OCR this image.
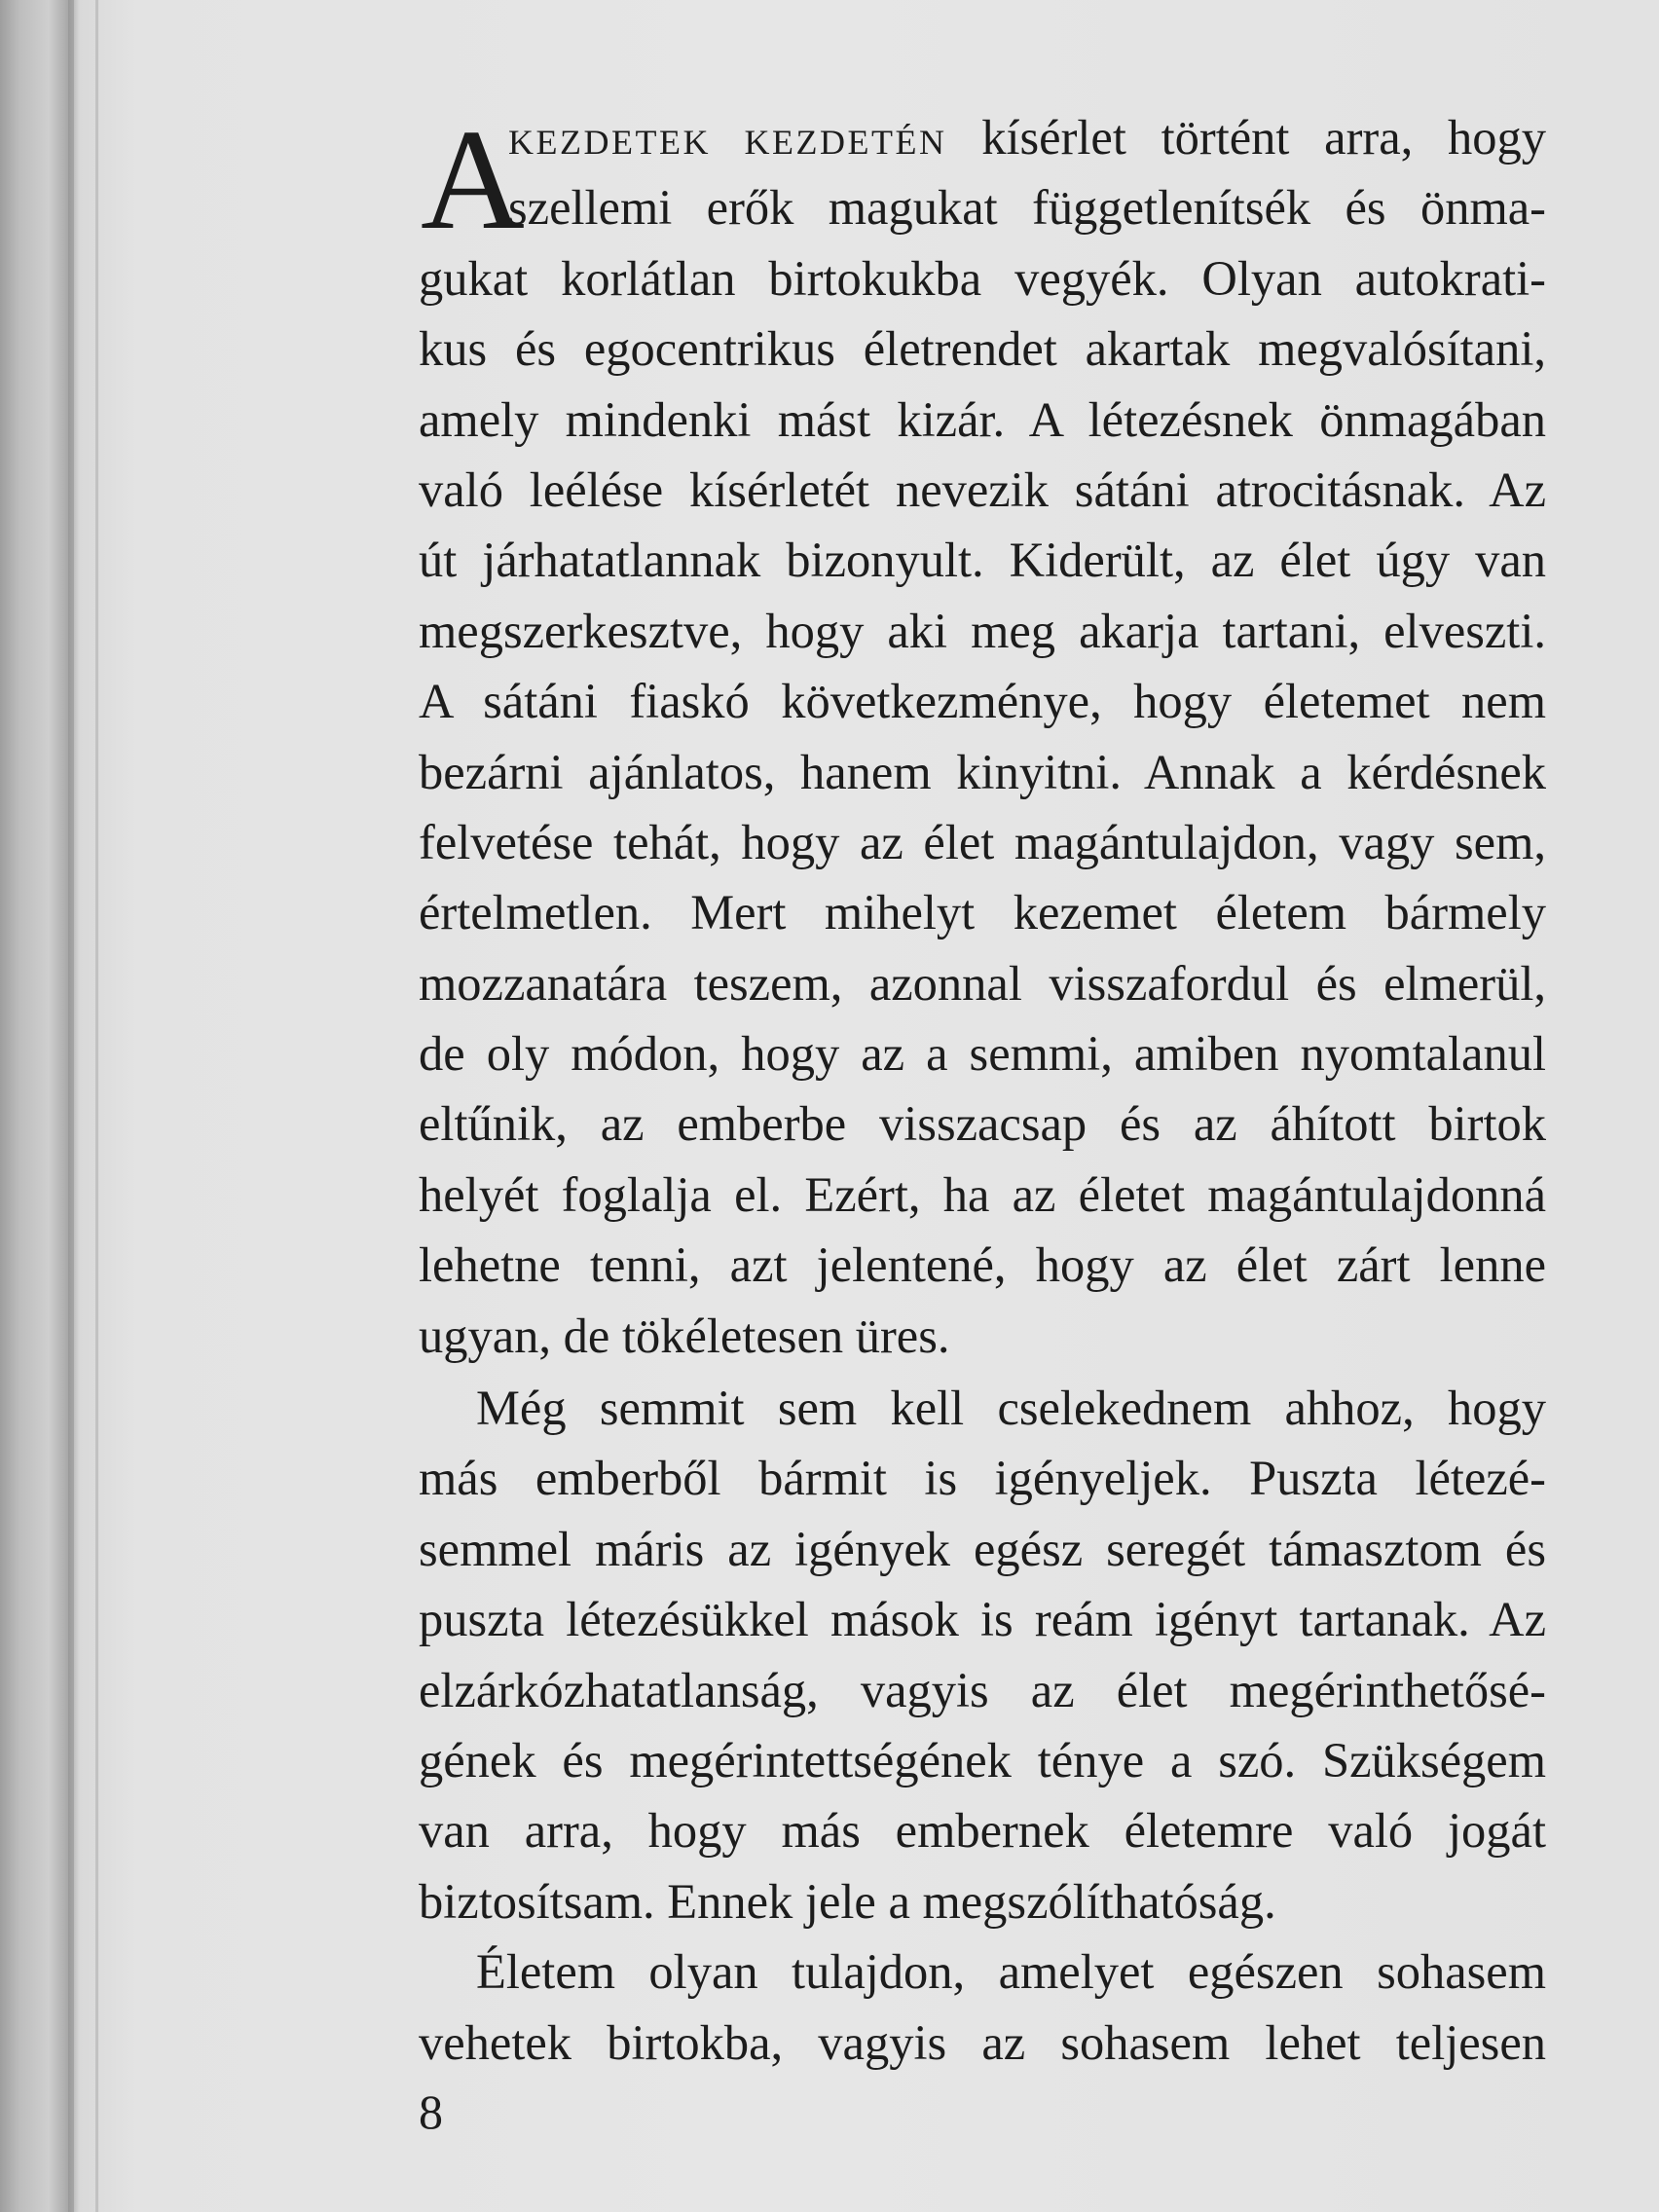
A
KEZDETEK KEZDETÉN kísérlet történt arra, hogy
szellemi erők magukat függetlenítsék és önma-
gukat korlátlan birtokukba vegyék. Olyan autokrati-
kus és egocentrikus életrendet akartak megvalósítani,
amely mindenki mást kizár. A létezésnek önmagában
való leélése kísérletét nevezik sátáni atrocitásnak. Az
út járhatatlannak bizonyult. Kiderült, az élet úgy van
megszerkesztve, hogy aki meg akarja tartani, elveszti.
A sátáni fiaskó következménye, hogy életemet nem
bezárni ajánlatos, hanem kinyitni. Annak a kérdésnek
felvetése tehát, hogy az élet magántulajdon, vagy sem,
értelmetlen. Mert mihelyt kezemet életem bármely
mozzanatára teszem, azonnal visszafordul és elmerül,
de oly módon, hogy az a semmi, amiben nyomtalanul
eltűnik, az emberbe visszacsap és az áhított birtok
helyét foglalja el. Ezért, ha az életet magántulajdonná
lehetne tenni, azt jelentené, hogy az élet zárt lenne
ugyan, de tökéletesen üres.
Még semmit sem kell cselekednem ahhoz, hogy
más emberből bármit is igényeljek. Puszta létezé-
semmel máris az igények egész seregét támasztom és
puszta létezésükkel mások is reám igényt tartanak. Az
elzárkózhatatlanság, vagyis az élet megérinthetősé-
gének és megérintettségének ténye a szó. Szükségem
van arra, hogy más embernek életemre való jogát
biztosítsam. Ennek jele a megszólíthatóság.
Életem olyan tulajdon, amelyet egészen sohasem
vehetek birtokba, vagyis az sohasem lehet teljesen
8
